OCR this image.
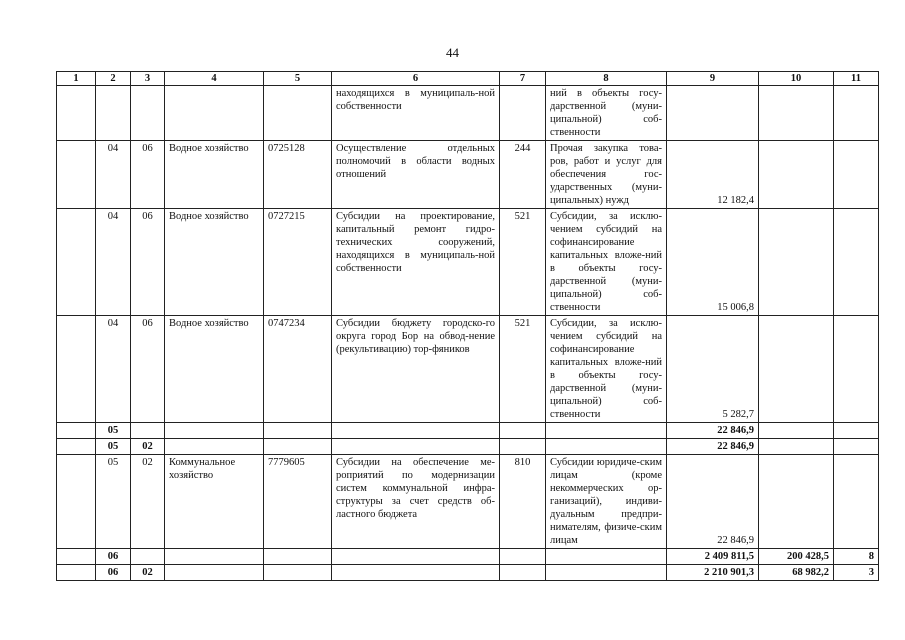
44
1	2	3	4	5	6	7	8	9	10	11
					находящихся в муниципаль-ной собственности		ний в объекты госу-дарственной (муни-ципальной) соб-ственности			
	04	06	Водное хозяйство	0725128	Осуществление отдельных полномочий в области водных отношений	244	Прочая закупка това-ров, работ и услуг для обеспечения гос-ударственных (муни-ципальных) нужд	12 182,4		
	04	06	Водное хозяйство	0727215	Субсидии на проектирование, капитальный ремонт гидро-технических сооружений, находящихся в муниципаль-ной собственности	521	Субсидии, за исклю-чением субсидий на софинансирование капитальных вложе-ний в объекты госу-дарственной (муни-ципальной) соб-ственности	15 006,8		
	04	06	Водное хозяйство	0747234	Субсидии бюджету городско-го округа город Бор на обвод-нение (рекультивацию) тор-фяников	521	Субсидии, за исклю-чением субсидий на софинансирование капитальных вложе-ний в объекты госу-дарственной (муни-ципальной) соб-ственности	5 282,7		
	05							22 846,9		
	05	02						22 846,9		
	05	02	Коммунальное хозяйство	7779605	Субсидии на обеспечение ме-роприятий по модернизации систем коммунальной инфра-структуры за счет средств об-ластного бюджета	810	Субсидии юридиче-ским лицам (кроме некоммерческих ор-ганизаций), индиви-дуальным предпри-нимателям, физиче-ским лицам	22 846,9		
	06							2 409 811,5	200 428,5	8
	06	02						2 210 901,3	68 982,2	3
